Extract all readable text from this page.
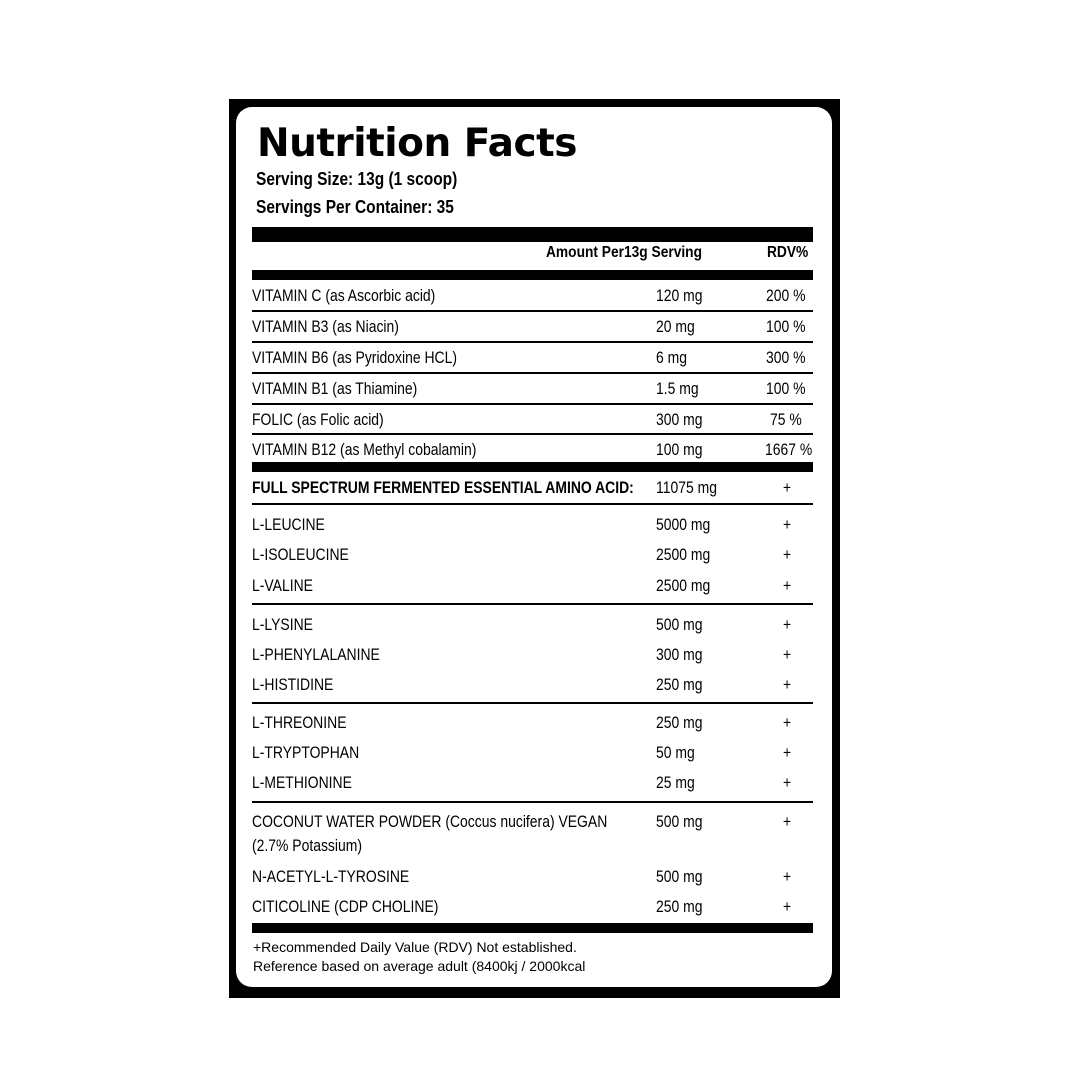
Nutrition Facts
Serving Size: 13g (1 scoop)
Servings Per Container: 35
Amount Per13g Serving	RDV%
VITAMIN C (as Ascorbic acid)	120 mg	200 %
VITAMIN B3 (as Niacin)	20 mg	100 %
VITAMIN B6 (as Pyridoxine HCL)	6 mg	300 %
VITAMIN B1 (as Thiamine)	1.5 mg	100 %
FOLIC (as Folic acid)	300 mg	75 %
VITAMIN B12 (as Methyl cobalamin)	100 mg	1667 %
FULL SPECTRUM FERMENTED ESSENTIAL AMINO ACID: 11075 mg	+
L-LEUCINE	5000 mg	+
L-ISOLEUCINE	2500 mg	+
L-VALINE	2500 mg	+
L-LYSINE	500 mg	+
L-PHENYLALANINE	300 mg	+
L-HISTIDINE	250 mg	+
L-THREONINE	250 mg	+
L-TRYPTOPHAN	50 mg	+
L-METHIONINE	25 mg	+
COCONUT WATER POWDER (Coccus nucifera) VEGAN	500 mg	+
(2.7% Potassium)
N-ACETYL-L-TYROSINE	500 mg	+
CITICOLINE (CDP CHOLINE)	250 mg	+
+Recommended Daily Value (RDV) Not established.
Reference based on average adult (8400kj / 2000kcal
